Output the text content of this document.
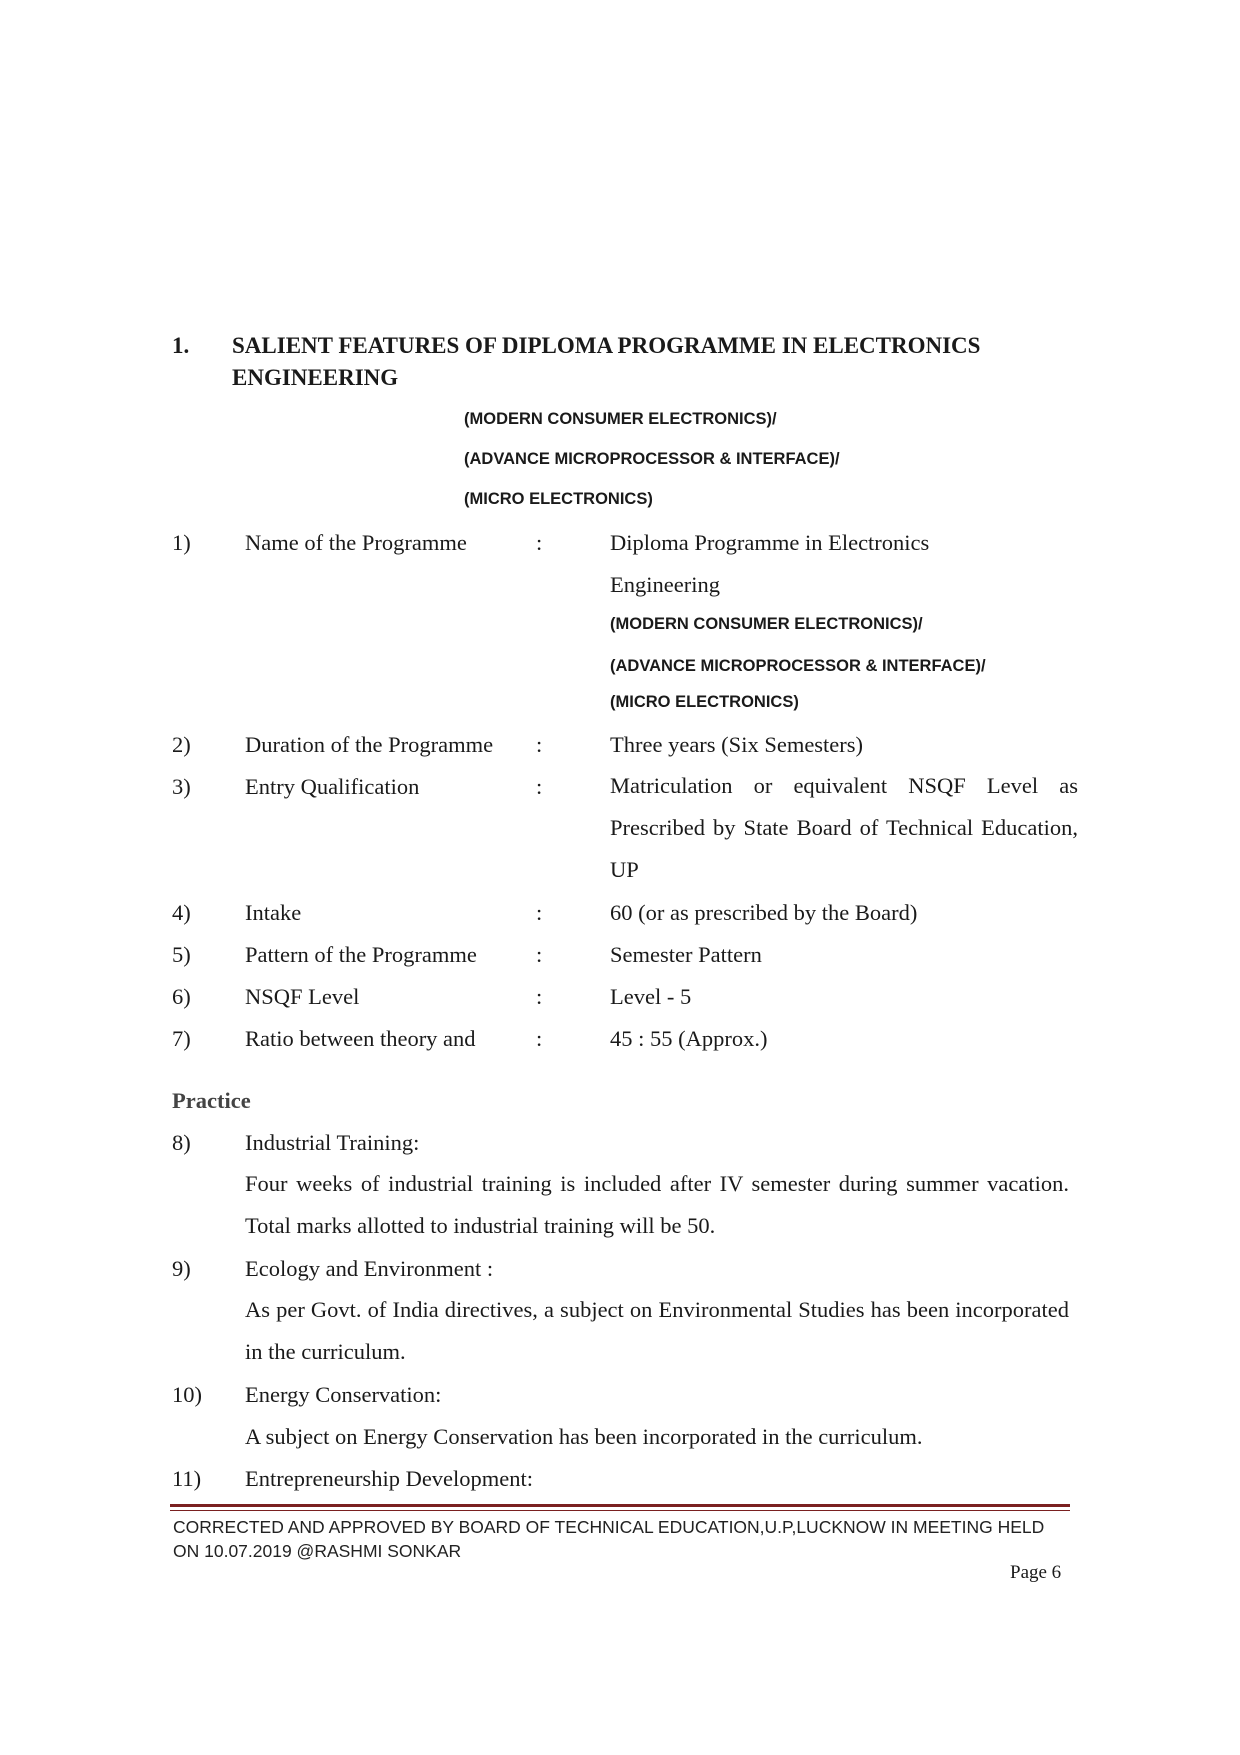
1. SALIENT FEATURES OF DIPLOMA PROGRAMME IN ELECTRONICS ENGINEERING
(MODERN CONSUMER ELECTRONICS)/
(ADVANCE MICROPROCESSOR & INTERFACE)/
(MICRO ELECTRONICS)
1) Name of the Programme	:	Diploma Programme in Electronics
Engineering
(MODERN CONSUMER ELECTRONICS)/
(ADVANCE MICROPROCESSOR & INTERFACE)/
(MICRO ELECTRONICS)
2) Duration of the Programme :	Three years (Six Semesters)
3) Entry Qualification	:	Matriculation or equivalent NSQF Level as Prescribed by State Board of Technical Education, UP
4) Intake	:	60 (or as prescribed by the Board)
5) Pattern of the Programme	:	Semester Pattern
6) NSQF Level	:	Level - 5
7) Ratio between theory and	:	45 : 55 (Approx.)
Practice
8) Industrial Training:
Four weeks of industrial training is included after IV semester during summer vacation. Total marks allotted to industrial training will be 50.
9) Ecology and Environment :
As per Govt. of India directives, a subject on Environmental Studies has been incorporated in the curriculum.
10) Energy Conservation:
A subject on Energy Conservation has been incorporated in the curriculum.
11) Entrepreneurship Development:
CORRECTED AND APPROVED BY BOARD OF TECHNICAL EDUCATION,U.P,LUCKNOW IN MEETING HELD ON 10.07.2019 @RASHMI SONKAR
Page 6
